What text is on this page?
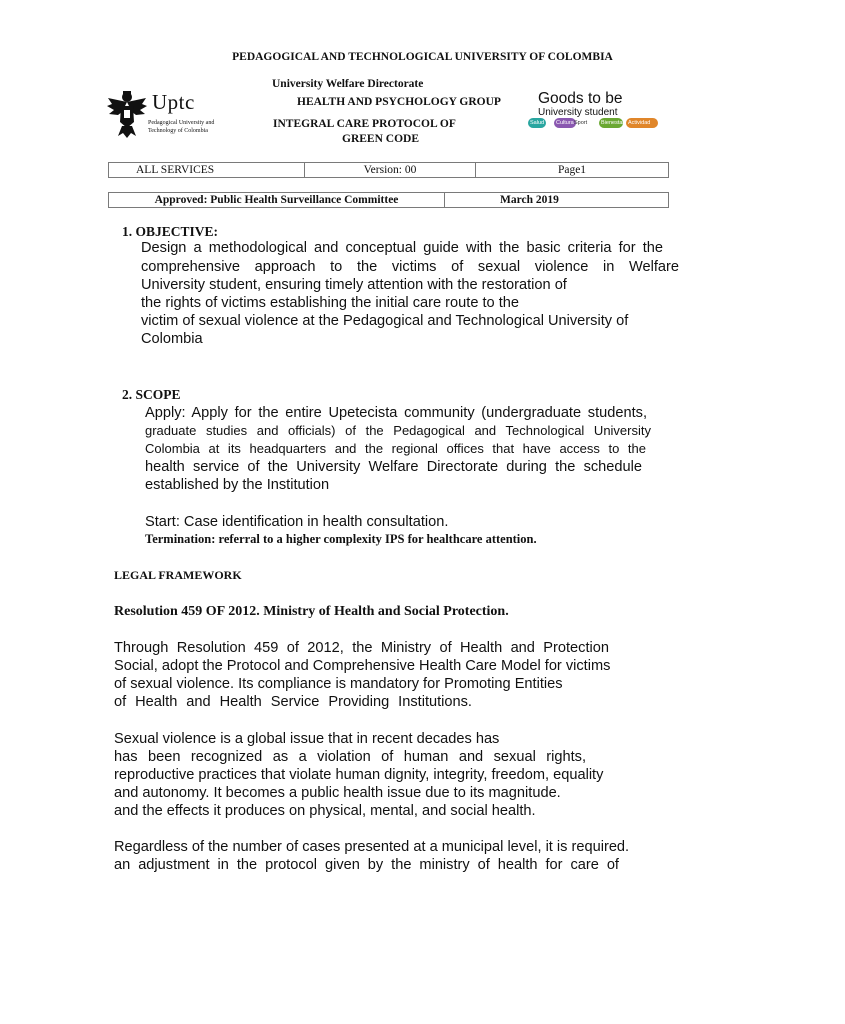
PEDAGOGICAL AND TECHNOLOGICAL UNIVERSITY OF COLOMBIA
Uptc
Pedagogical University and
Technology of Colombia
University Welfare Directorate
HEALTH AND PSYCHOLOGY GROUP
INTEGRAL CARE PROTOCOL OF
GREEN CODE
Goods to be
University student
Salud	Cultura Sport	Bienestar Social
Actividad Saludable
ALL SERVICES	Version: 00	Page1
Approved: Public Health Surveillance Committee	March 2019
1. OBJECTIVE:
Design a methodological and conceptual guide with the basic criteria for the
comprehensive approach to the victims of sexual violence in Welfare
University student, ensuring timely attention with the restoration of
the rights of victims establishing the initial care route to the
victim of sexual violence at the Pedagogical and Technological University of
Colombia
2. SCOPE
Apply: Apply for the entire Upetecista community (undergraduate students,
graduate studies and officials) of the Pedagogical and Technological University
Colombia at its headquarters and the regional offices that have access to the
health service of the University Welfare Directorate during the schedule
established by the Institution
Start: Case identification in health consultation.
Termination: referral to a higher complexity IPS for healthcare attention.
LEGAL FRAMEWORK
Resolution 459 OF 2012. Ministry of Health and Social Protection.
Through Resolution 459 of 2012, the Ministry of Health and Protection
Social, adopt the Protocol and Comprehensive Health Care Model for victims
of sexual violence. Its compliance is mandatory for Promoting Entities
of Health and Health Service Providing Institutions.
Sexual violence is a global issue that in recent decades has
has been recognized as a violation of human and sexual rights,
reproductive practices that violate human dignity, integrity, freedom, equality
and autonomy. It becomes a public health issue due to its magnitude.
and the effects it produces on physical, mental, and social health.
Regardless of the number of cases presented at a municipal level, it is required.
an adjustment in the protocol given by the ministry of health for care of
